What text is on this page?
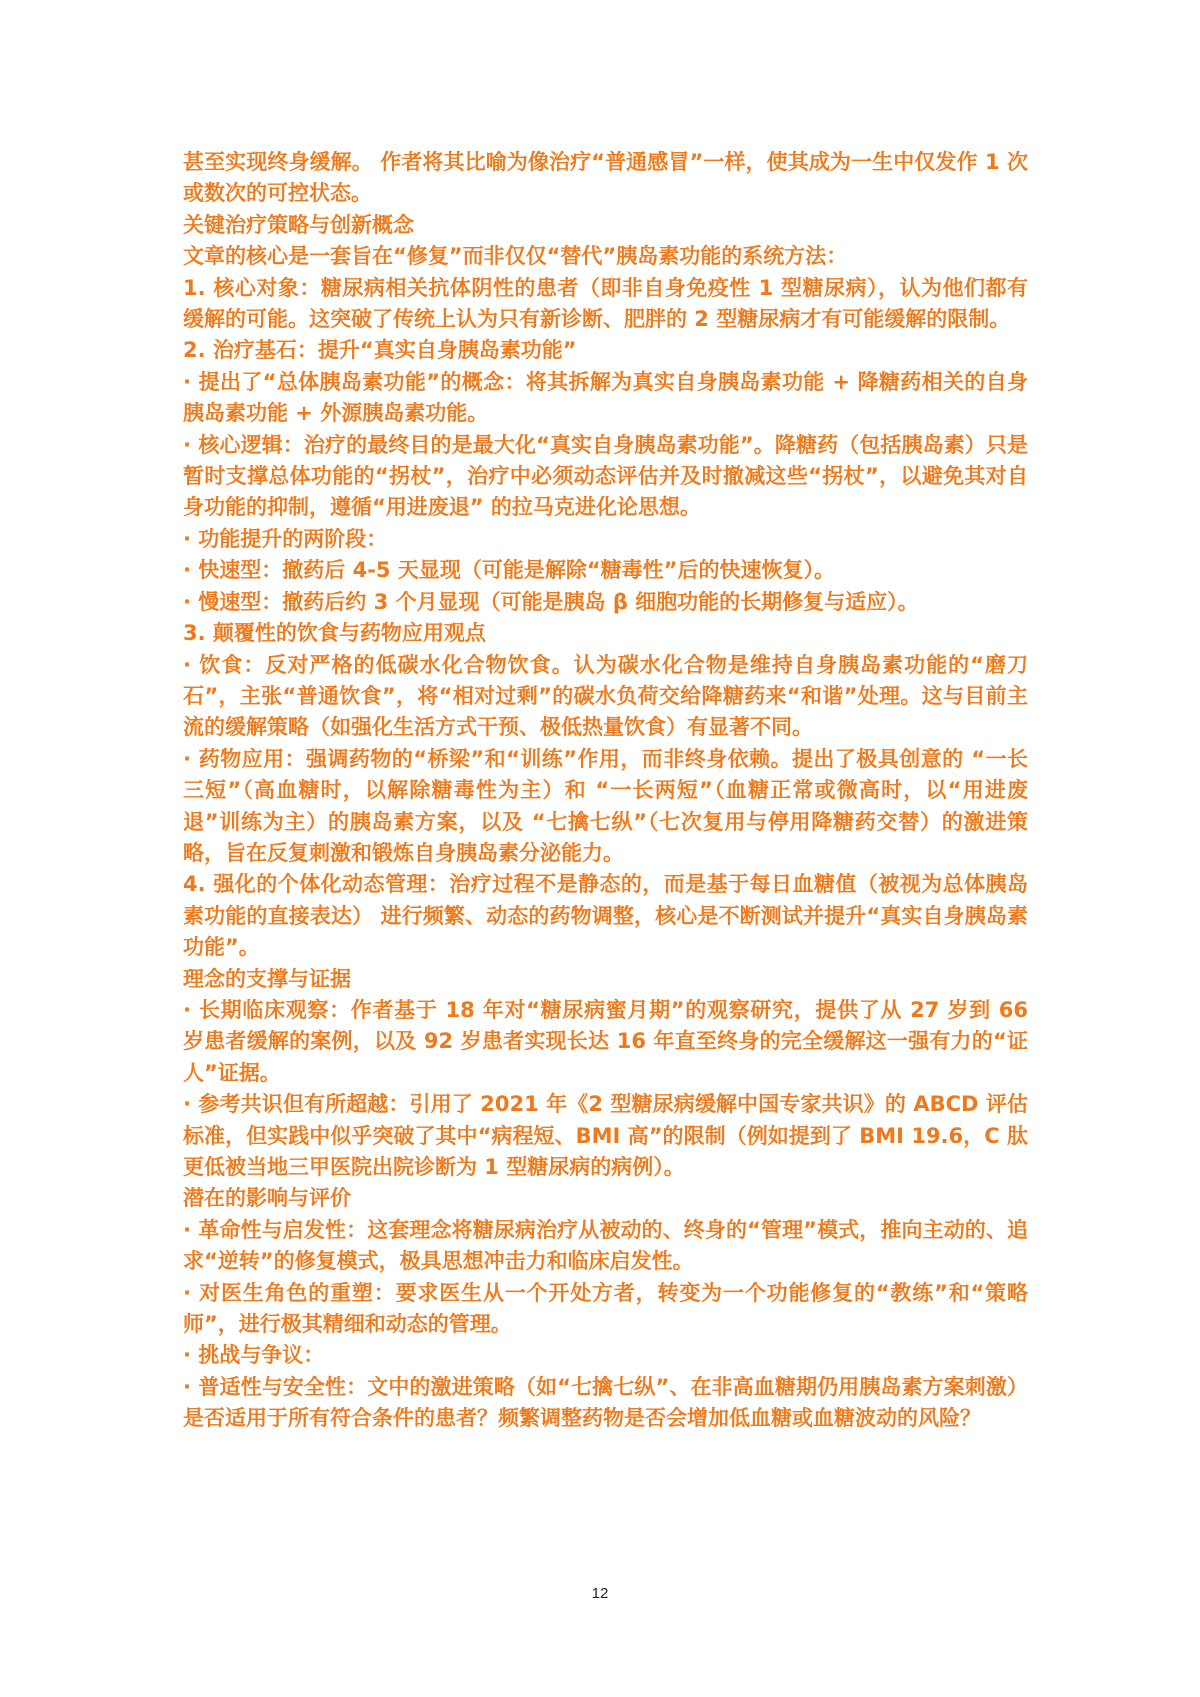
甚至实现终身缓解。 作者将其比喻为像治疗“普通感冒”一样，使其成为一生中仅发作 1 次或数次的可控状态。

关键治疗策略与创新概念

文章的核心是一套旨在“修复”而非仅仅“替代”胰岛素功能的系统方法：

1. 核心对象：糖尿病相关抗体阴性的患者（即非自身免疫性 1 型糖尿病），认为他们都有缓解的可能。这突破了传统上认为只有新诊断、肥胖的 2 型糖尿病才有可能缓解的限制。

2. 治疗基石：提升“真实自身胰岛素功能”

· 提出了“总体胰岛素功能”的概念：将其拆解为真实自身胰岛素功能 + 降糖药相关的自身胰岛素功能 + 外源胰岛素功能。

· 核心逻辑：治疗的最终目的是最大化“真实自身胰岛素功能”。降糖药（包括胰岛素）只是暂时支撑总体功能的“拐杖”，治疗中必须动态评估并及时撤减这些“拐杖”，以避免其对自身功能的抑制，遵循“用进废退” 的拉马克进化论思想。

· 功能提升的两阶段：

· 快速型：撤药后 4-5 天显现（可能是解除“糖毒性”后的快速恢复）。

· 慢速型：撤药后约 3 个月显现（可能是胰岛 β 细胞功能的长期修复与适应）。

3. 颠覆性的饮食与药物应用观点

· 饮食：反对严格的低碳水化合物饮食。认为碳水化合物是维持自身胰岛素功能的“磨刀石”，主张“普通饮食”，将“相对过剩”的碳水负荷交给降糖药来“和谐”处理。这与目前主流的缓解策略（如强化生活方式干预、极低热量饮食）有显著不同。

· 药物应用：强调药物的“桥梁”和“训练”作用，而非终身依赖。提出了极具创意的 “一长三短”（高血糖时，以解除糖毒性为主）和 “一长两短”（血糖正常或微高时，以“用进废退”训练为主）的胰岛素方案，以及 “七擒七纵”（七次复用与停用降糖药交替）的激进策略，旨在反复刺激和锻炼自身胰岛素分泌能力。

4. 强化的个体化动态管理：治疗过程不是静态的，而是基于每日血糖值（被视为总体胰岛素功能的直接表达） 进行频繁、动态的药物调整，核心是不断测试并提升“真实自身胰岛素功能”。

理念的支撑与证据

· 长期临床观察：作者基于 18 年对“糖尿病蜜月期”的观察研究，提供了从 27 岁到 66 岁患者缓解的案例，以及 92 岁患者实现长达 16 年直至终身的完全缓解这一强有力的“证人”证据。

· 参考共识但有所超越：引用了 2021 年《2 型糖尿病缓解中国专家共识》的 ABCD 评估标准，但实践中似乎突破了其中“病程短、BMI 高”的限制（例如提到了 BMI 19.6，C 肽更低被当地三甲医院出院诊断为 1 型糖尿病的病例）。

潜在的影响与评价

· 革命性与启发性：这套理念将糖尿病治疗从被动的、终身的“管理”模式，推向主动的、追求“逆转”的修复模式，极具思想冲击力和临床启发性。

· 对医生角色的重塑：要求医生从一个开处方者，转变为一个功能修复的“教练”和“策略师”，进行极其精细和动态的管理。

· 挑战与争议：

· 普适性与安全性：文中的激进策略（如“七擒七纵”、在非高血糖期仍用胰岛素方案刺激）是否适用于所有符合条件的患者？频繁调整药物是否会增加低血糖或血糖波动的风险？

12
